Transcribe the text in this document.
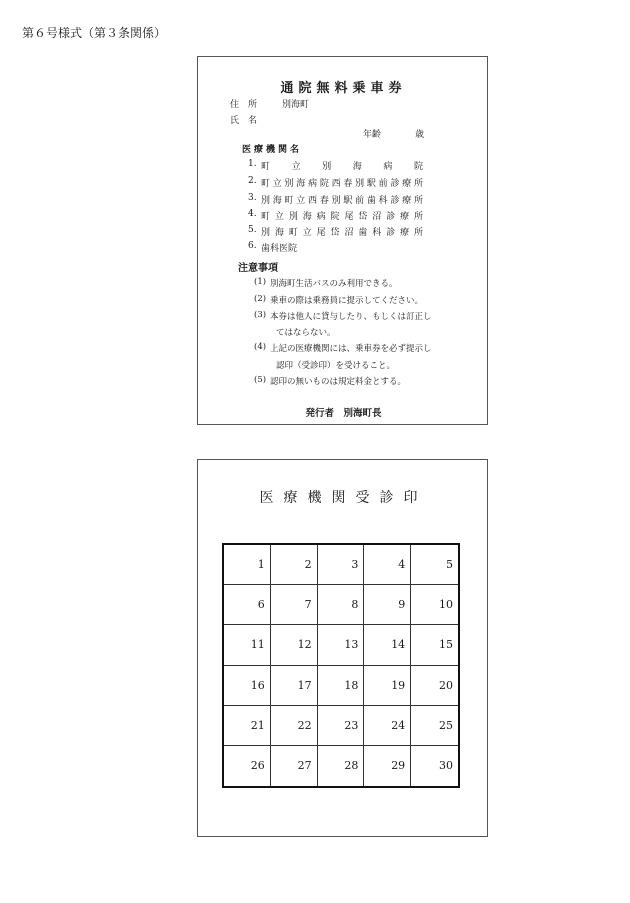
第６号様式（第３条関係）
通院無料乗車券
住　所	別海町
氏　名
年齢	歳
医療機関名
1. 町立別海病院
2. 町立別海病院西春別駅前診療所
3. 別海町立西春別駅前歯科診療所
4. 町立別海病院尾岱沼診療所
5. 別海町立尾岱沼歯科診療所
6. 歯科医院
注意事項
(1) 別海町生活バスのみ利用できる。
(2) 乗車の際は乗務員に提示してください。
(3) 本券は他人に貸与したり、もしくは訂正し
てはならない。
(4) 上記の医療機関には、乗車券を必ず提示し
認印（受診印）を受けること。
(5) 認印の無いものは規定料金とする。
発行者　別海町長
医療機関受診印
1	2	3	4	5
6	7	8	9	10
11	12	13	14	15
16	17	18	19	20
21	22	23	24	25
26	27	28	29	30
